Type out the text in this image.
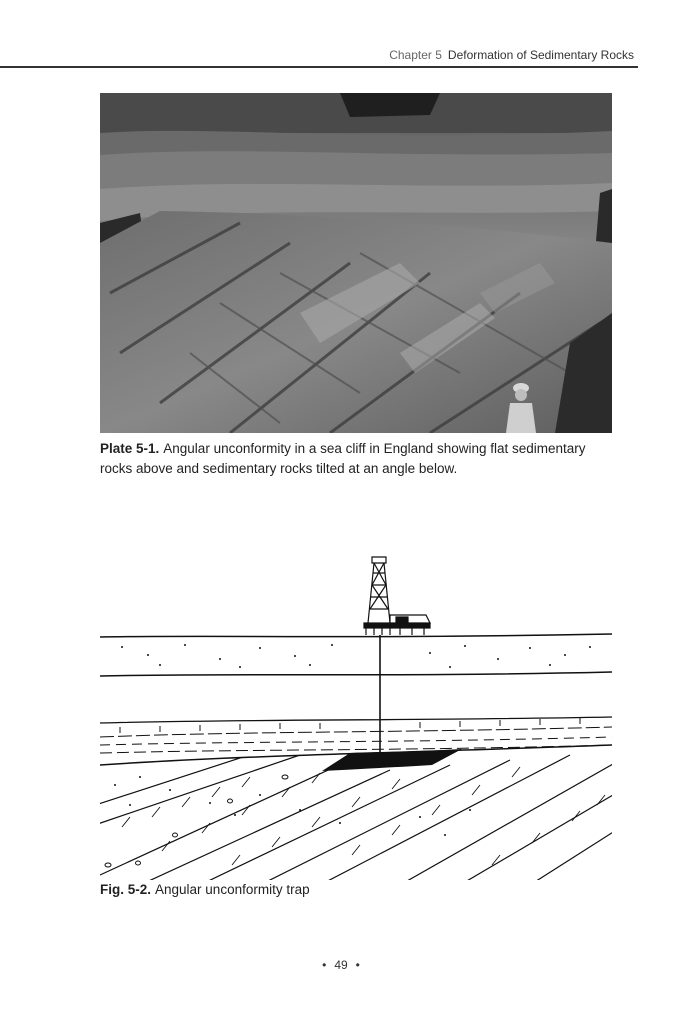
Chapter 5 Deformation of Sedimentary Rocks
Plate 5-1. Angular unconformity in a sea cliff in England showing flat sedimentary rocks above and sedimentary rocks tilted at an angle below.
Fig. 5-2. Angular unconformity trap
• 49 •
